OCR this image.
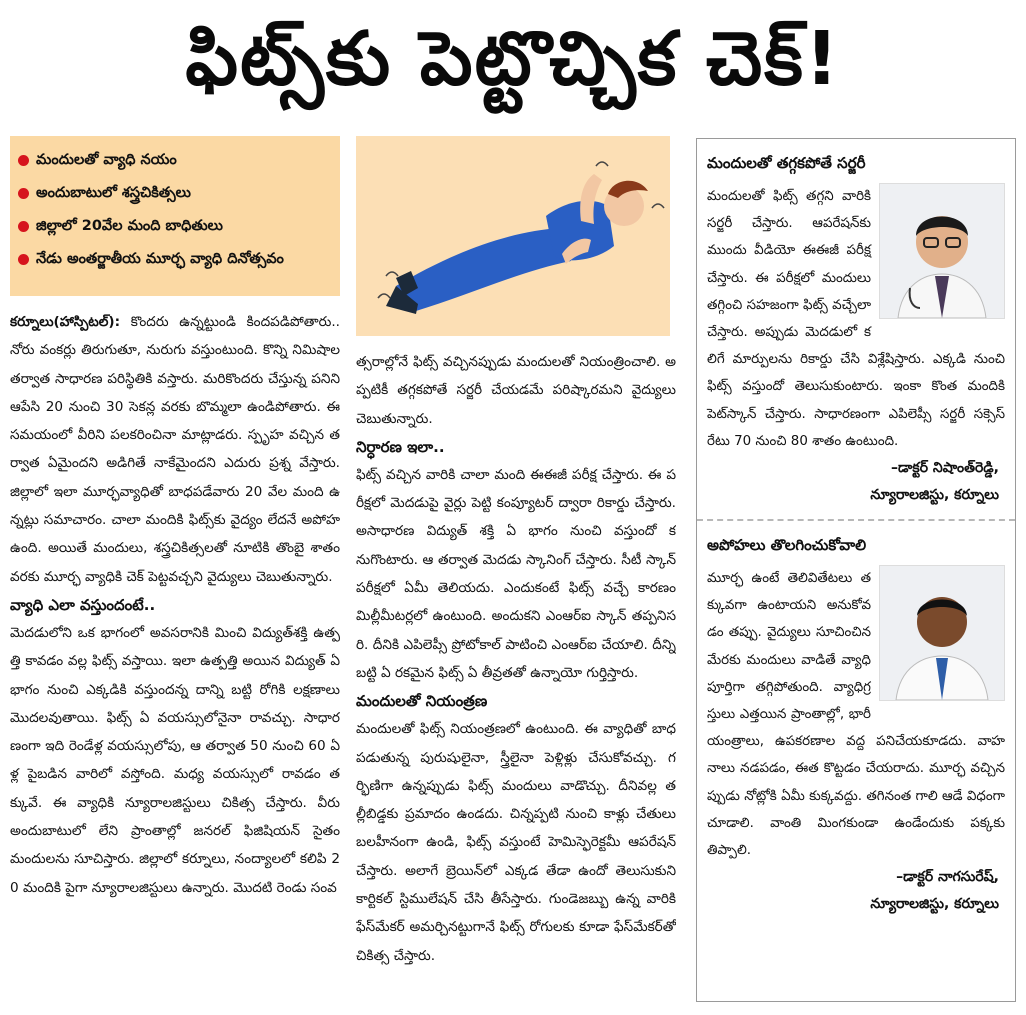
ఫిట్స్‌కు పెట్టొచ్చిక చెక్‌!
మందులతో వ్యాధి నయం
అందుబాటులో శస్త్రచికిత్సలు
జిల్లాలో 20వేల మంది బాధితులు
నేడు అంతర్జాతీయ మూర్ఛ వ్యాధి దినోత్సవం

కర్నూలు(హాస్పిటల్): కొందరు ఉన్నట్టుండి కిందపడిపోతారు.. నోరు వంకర్లు తిరుగుతూ, నురుగు వస్తుంటుంది. కొన్ని నిమిషాల తర్వాత సాధారణ పరిస్థితికి వస్తారు. మరికొందరు చేస్తున్న పనిని ఆపేసి 20 నుంచి 30 సెకన్ల వరకు బొమ్మలా ఉండిపోతారు. ఈ సమయంలో వీరిని పలకరించినా మాట్లాడరు. స్పృహ వచ్చిన తర్వాత ఏమైందని అడిగితే నాకేమైందని ఎదురు ప్రశ్న వేస్తారు. జిల్లాలో ఇలా మూర్ఛవ్యాధితో బాధపడేవారు 20 వేల మంది ఉన్నట్లు సమాచారం. చాలా మందికి ఫిట్స్‌కు వైద్యం లేదనే అపోహ ఉంది. అయితే మందులు, శస్త్రచికిత్సలతో నూటికి తొంబై శాతం వరకు మూర్ఛ వ్యాధికి చెక్‌ పెట్టవచ్చని వైద్యులు చెబుతున్నారు.

వ్యాధి ఎలా వస్తుందంటే..

మెదడులోని ఒక భాగంలో అవసరానికి మించి విద్యుత్‌శక్తి ఉత్పత్తి కావడం వల్ల ఫిట్స్‌ వస్తాయి. ఇలా ఉత్పత్తి అయిన విద్యుత్‌ ఏ భాగం నుంచి ఎక్కడికి వస్తుందన్న దాన్ని బట్టి రోగికి లక్షణాలు మొదలవుతాయి. ఫిట్స్‌ ఏ వయస్సులోనైనా రావచ్చు. సాధారణంగా ఇది రెండేళ్ల వయస్సులోపు, ఆ తర్వాత 50 నుంచి 60 ఏళ్ల పైబడిన వారిలో వస్తోంది. మధ్య వయస్సులో రావడం తక్కువే. ఈ వ్యాధికి న్యూరాలజిస్టులు చికిత్స చేస్తారు. వీరు అందుబాటులో లేని ప్రాంతాల్లో జనరల్‌ ఫిజిషియన్‌ సైతం మందులను సూచిస్తారు. జిల్లాలో కర్నూలు, నంద్యాలలో కలిపి 20 మందికి పైగా న్యూరాలజిస్టులు ఉన్నారు. మొదటి రెండు సంవ

త్సరాల్లోనే ఫిట్స్‌ వచ్చినప్పుడు మందులతో నియంత్రించాలి. అప్పటికీ తగ్గకపోతే సర్జరీ చేయడమే పరిష్కారమని వైద్యులు చెబుతున్నారు.

నిర్ధారణ ఇలా..

ఫిట్స్‌ వచ్చిన వారికి చాలా మంది ఈఈజీ పరీక్ష చేస్తారు. ఈ పరీక్షలో మెదడుపై వైర్లు పెట్టి కంప్యూటర్‌ ద్వారా రికార్డు చేస్తారు. అసాధారణ విద్యుత్‌ శక్తి ఏ భాగం నుంచి వస్తుందో కనుగొంటారు. ఆ తర్వాత మెదడు స్కానింగ్‌ చేస్తారు. సీటీ స్కాన్‌ పరీక్షలో ఏమీ తెలియదు. ఎందుకంటే ఫిట్స్‌ వచ్చే కారణం మిల్లీమీటర్లలో ఉంటుంది. అందుకని ఎంఆర్‌ఐ స్కాన్‌ తప్పనిసరి. దీనికి ఎపిలెప్సీ ప్రోటోకాల్‌ పాటించి ఎంఆర్‌ఐ చేయాలి. దీన్ని బట్టి ఏ రకమైన ఫిట్స్‌ ఏ తీవ్రతతో ఉన్నాయో గుర్తిస్తారు.

మందులతో నియంత్రణ

మందులతో ఫిట్స్‌ నియంత్రణలో ఉంటుంది. ఈ వ్యాధితో బాధపడుతున్న పురుషులైనా, స్త్రీలైనా పెళ్లిళ్లు చేసుకోవచ్చు. గర్భిణిగా ఉన్నప్పుడు ఫిట్స్‌ మందులు వాడొచ్చు. దీనివల్ల తల్లీబిడ్డకు ప్రమాదం ఉండదు. చిన్నప్పటి నుంచి కాళ్లు చేతులు బలహీనంగా ఉండి, ఫిట్స్‌ వస్తుంటే హెమిస్ఫెరెక్టమీ ఆపరేషన్‌ చేస్తారు. అలాగే బ్రెయిన్‌లో ఎక్కడ తేడా ఉందో తెలుసుకుని కార్టికల్‌ స్టిములేషన్‌ చేసి తీసేస్తారు. గుండెజబ్బు ఉన్న వారికి ఫేస్‌మేకర్‌ అమర్చినట్టుగానే ఫిట్స్‌ రోగులకు కూడా ఫేస్‌మేకర్‌తో చికిత్స చేస్తారు.

మందులతో తగ్గకపోతే సర్జరీ

మందులతో ఫిట్స్‌ తగ్గని వారికి సర్జరీ చేస్తారు. ఆపరేషన్‌కు ముందు వీడియో ఈఈజీ పరీక్ష చేస్తారు. ఈ పరీక్షలో మందులు తగ్గించి సహజంగా ఫిట్స్‌ వచ్చేలా చేస్తారు. అప్పుడు మెదడులో కలిగే మార్పులను రికార్డు చేసి విశ్లేషిస్తారు. ఎక్కడి నుంచి ఫిట్స్‌ వస్తుందో తెలుసుకుంటారు. ఇంకా కొంత మందికి పెట్‌స్కాన్‌ చేస్తారు. సాధారణంగా ఎపిలెప్సీ సర్జరీ సక్సెస్‌ రేటు 70 నుంచి 80 శాతం ఉంటుంది.

–డాక్టర్‌ నిషాంత్‌రెడ్డి,
న్యూరాలజిస్టు, కర్నూలు
అపోహలు తొలగించుకోవాలి

మూర్ఛ ఉంటే తెలివితేటలు తక్కువగా ఉంటాయని అనుకోవడం తప్పు. వైద్యులు సూచించిన మేరకు మందులు వాడితే వ్యాధి పూర్తిగా తగ్గిపోతుంది. వ్యాధిగ్రస్తులు ఎత్తయిన ప్రాంతాల్లో, భారీ యంత్రాలు, ఉపకరణాల వద్ద పనిచేయకూడదు. వాహనాలు నడపడం, ఈత కొట్టడం చేయరాదు. మూర్ఛ వచ్చినప్పుడు నోట్లోకి ఏమీ కుక్కవద్దు. తగినంత గాలి ఆడే విధంగా చూడాలి. వాంతి మింగకుండా ఉండేందుకు పక్కకు తిప్పాలి.

–డాక్టర్‌ నాగసురేష్‌,
న్యూరాలజిస్టు, కర్నూలు
